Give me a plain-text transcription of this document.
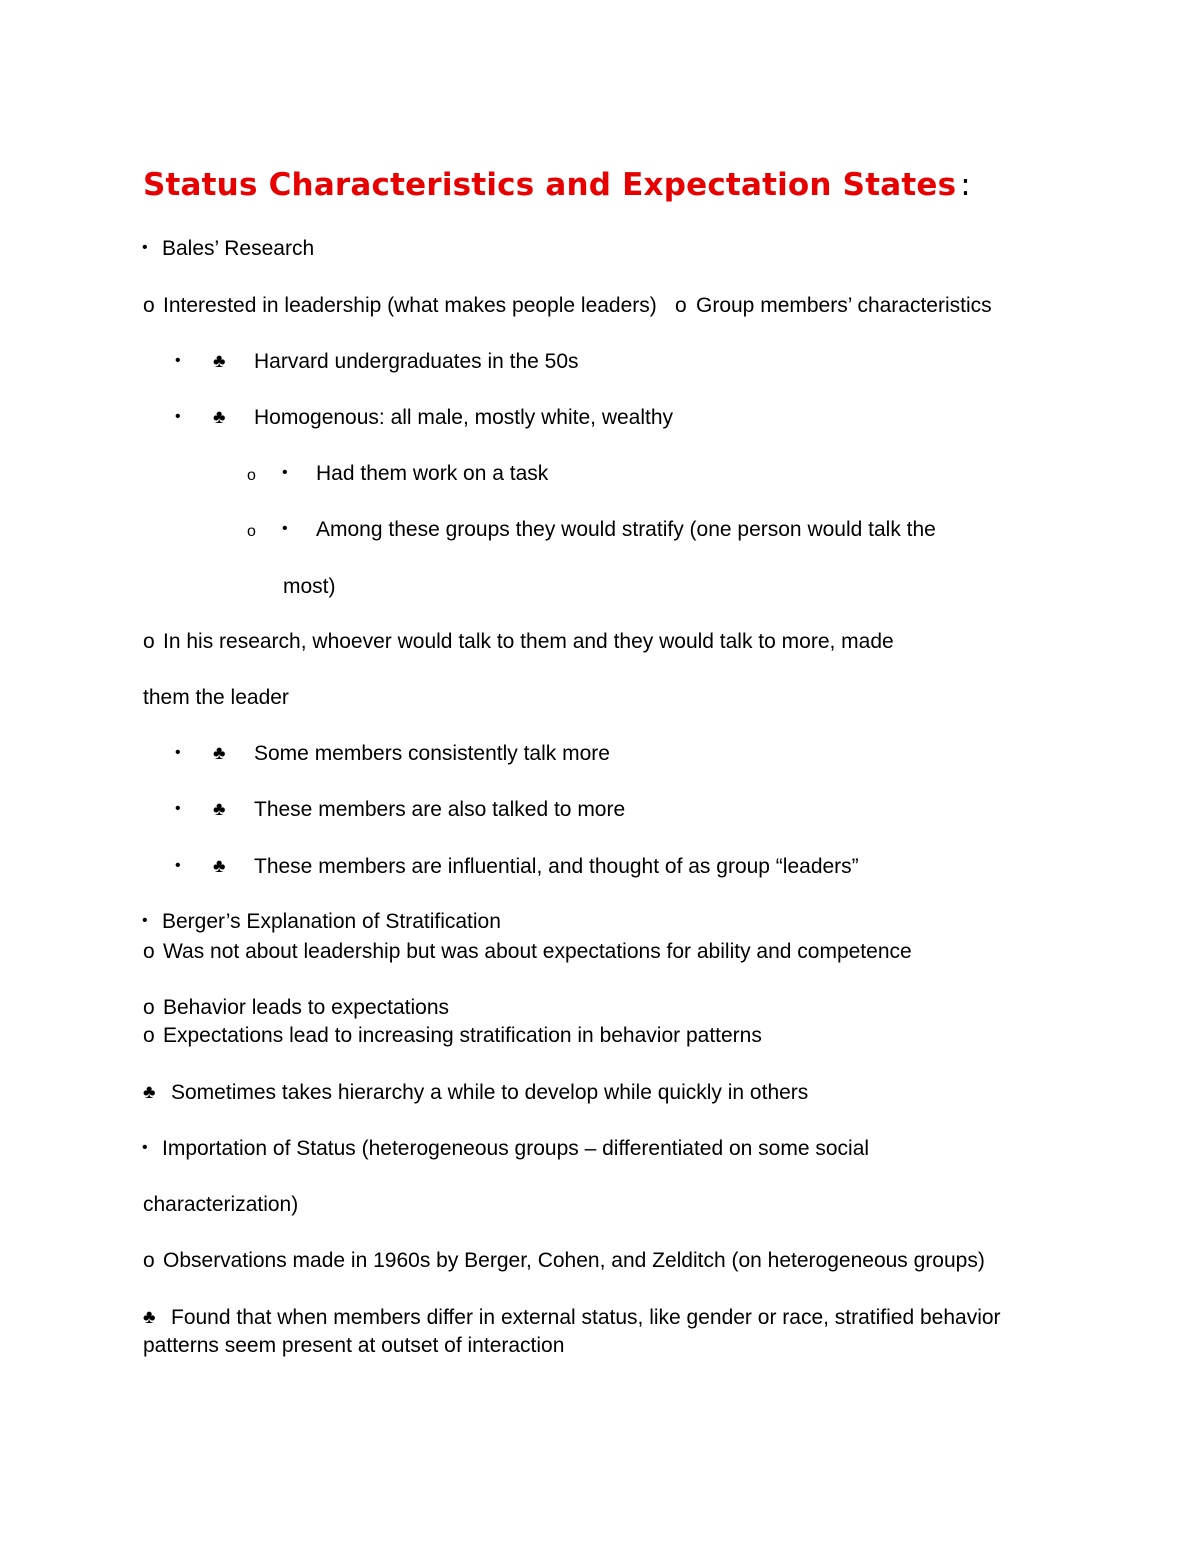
Status Characteristics and Expectation States :
• Bales’ Research
o Interested in leadership (what makes people leaders) o Group members’ characteristics
• ♣ Harvard undergraduates in the 50s
• ♣ Homogenous: all male, mostly white, wealthy
o • Had them work on a task
o • Among these groups they would stratify (one person would talk the
most)
o In his research, whoever would talk to them and they would talk to more, made
them the leader
• ♣ Some members consistently talk more
• ♣ These members are also talked to more
• ♣ These members are influential, and thought of as group “leaders”
• Berger’s Explanation of Stratification
o Was not about leadership but was about expectations for ability and competence
o Behavior leads to expectations
o Expectations lead to increasing stratification in behavior patterns
♣ Sometimes takes hierarchy a while to develop while quickly in others
• Importation of Status (heterogeneous groups – differentiated on some social
characterization)
o Observations made in 1960s by Berger, Cohen, and Zelditch (on heterogeneous groups)
♣ Found that when members differ in external status, like gender or race, stratified behavior
patterns seem present at outset of interaction
